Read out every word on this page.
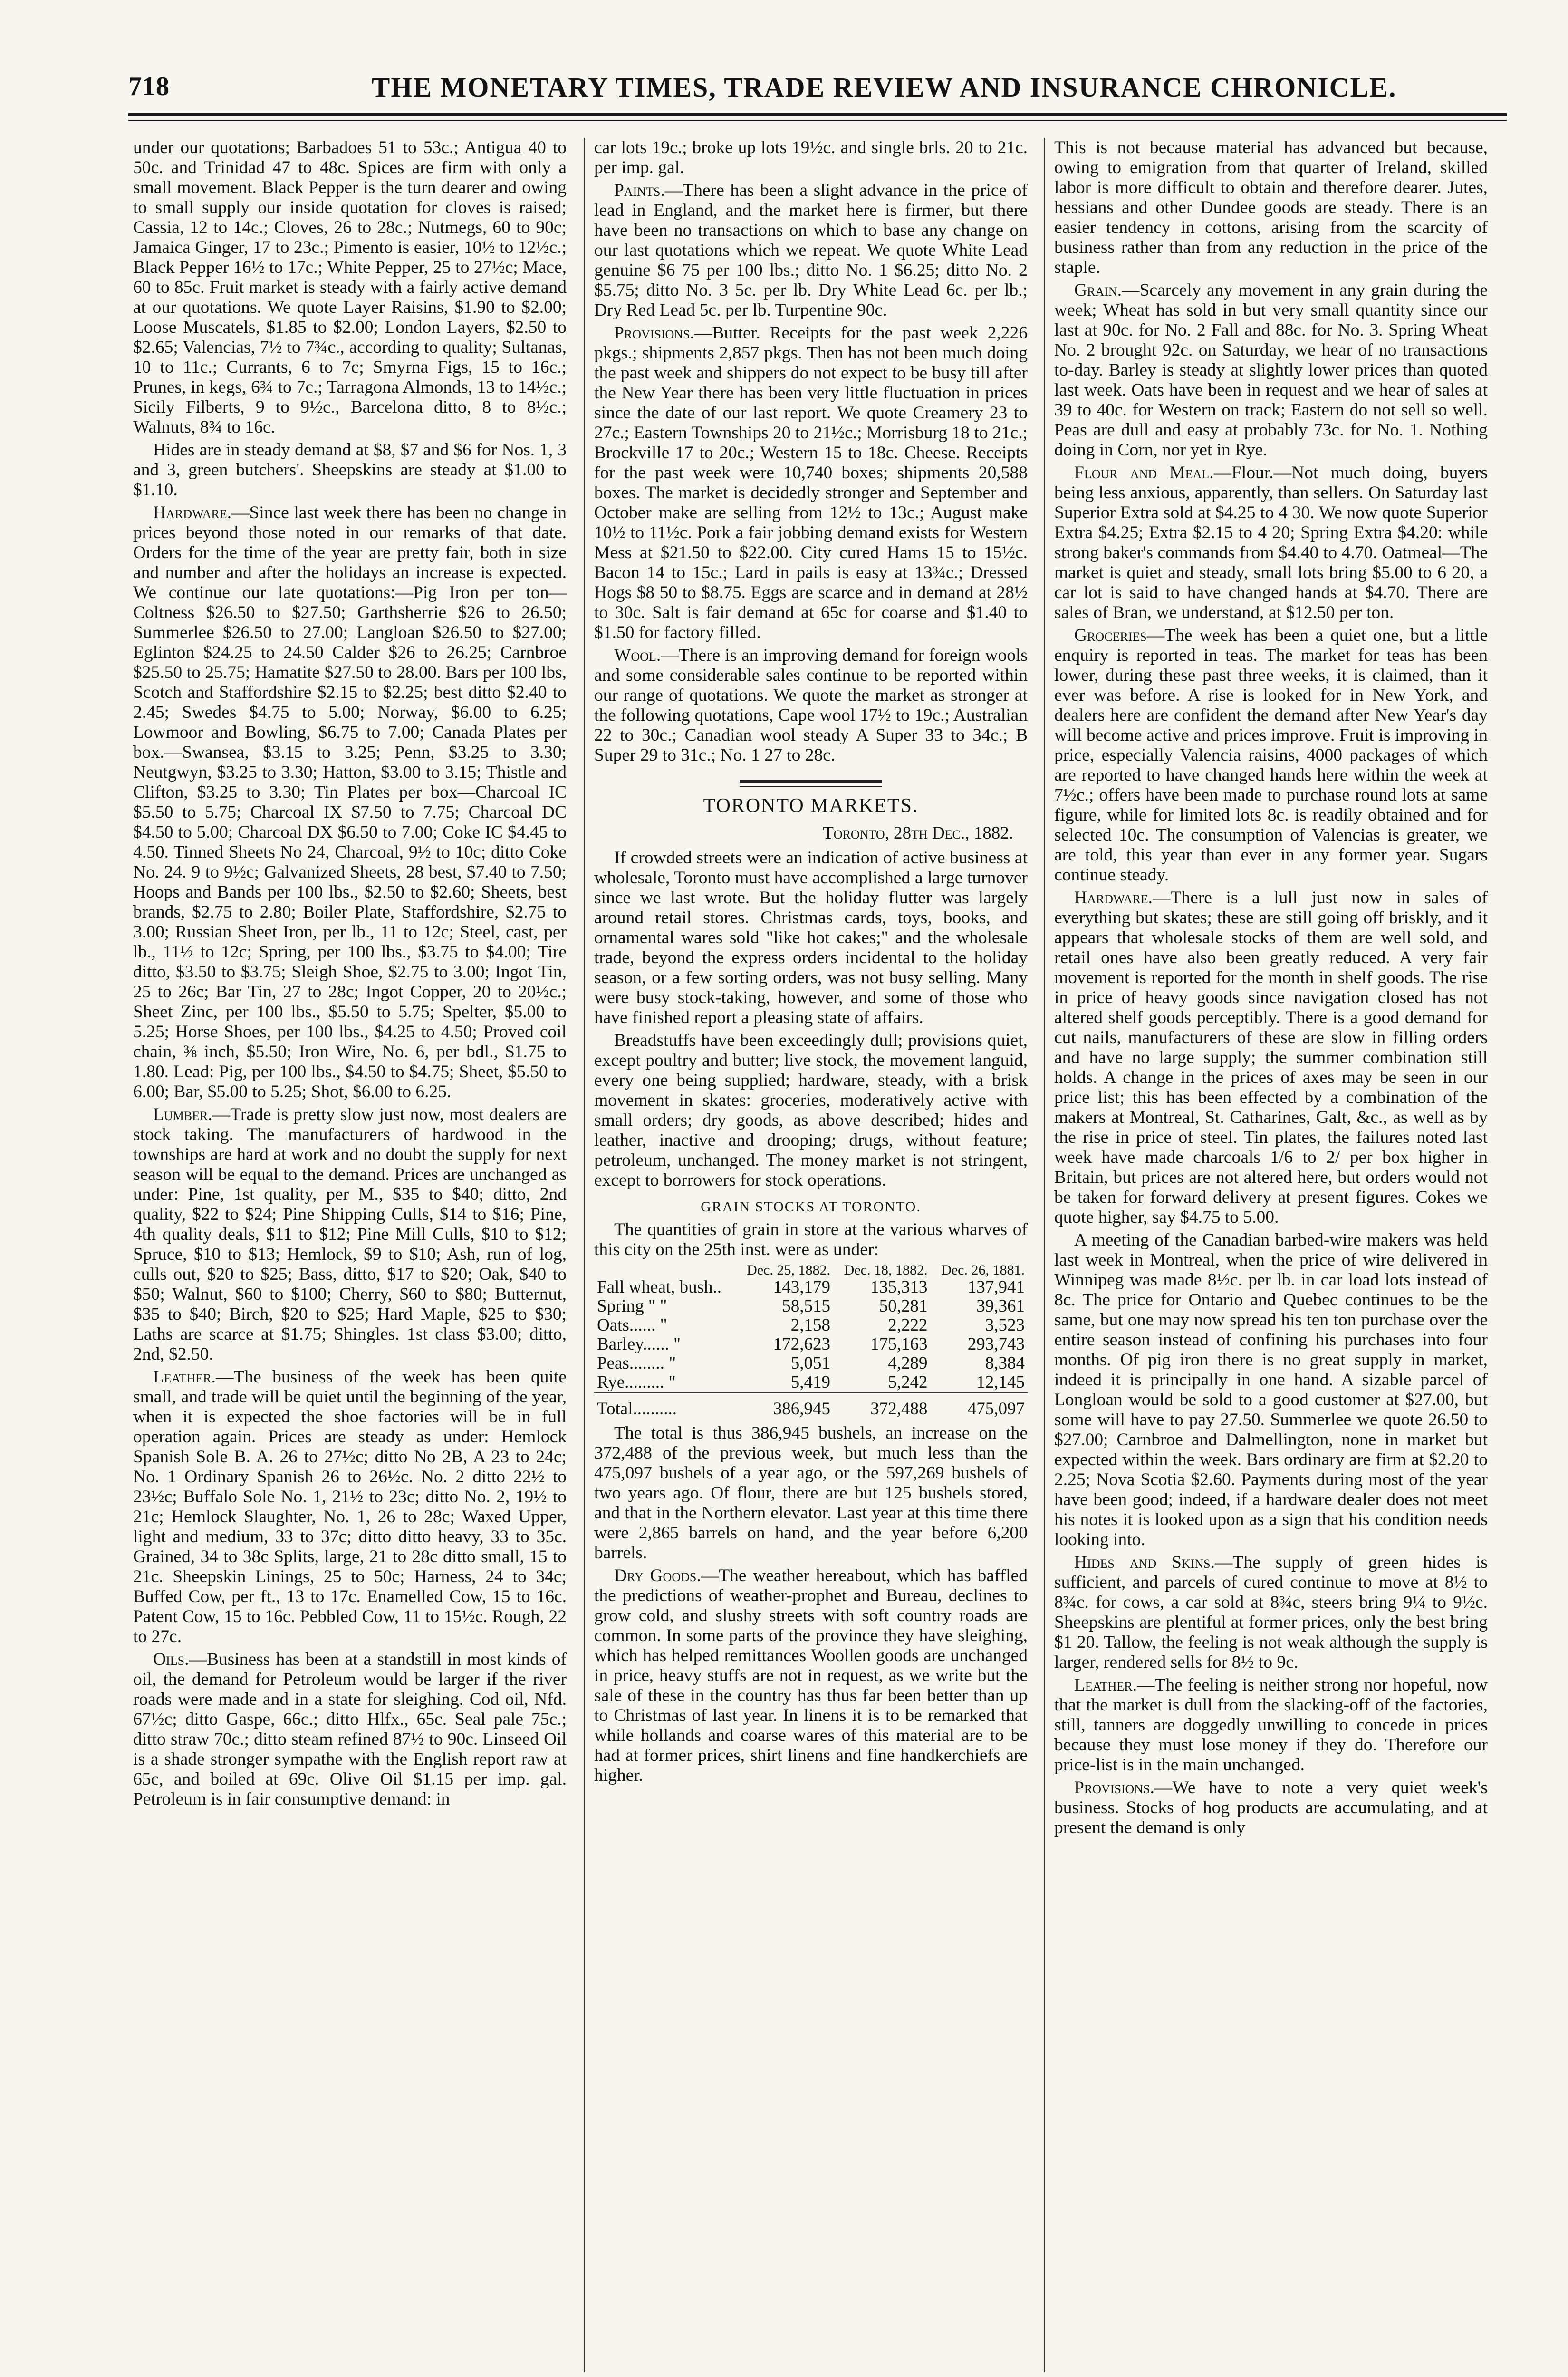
718	THE MONETARY TIMES, TRADE REVIEW AND INSURANCE CHRONICLE.

under our quotations; Barbadoes 51 to 53c.; Antigua 40 to 50c. and Trinidad 47 to 48c. Spices are firm with only a small movement. Black Pepper is the turn dearer and owing to small supply our inside quotation for cloves is raised; Cassia, 12 to 14c.; Cloves, 26 to 28c.; Nutmegs, 60 to 90c; Jamaica Ginger, 17 to 23c.; Pimento is easier, 10½ to 12½c.; Black Pepper 16½ to 17c.; White Pepper, 25 to 27½c; Mace, 60 to 85c. Fruit market is steady with a fairly active demand at our quotations. We quote Layer Raisins, $1.90 to $2.00; Loose Muscatels, $1.85 to $2.00; London Layers, $2.50 to $2.65; Valencias, 7½ to 7¾c., according to quality; Sultanas, 10 to 11c.; Currants, 6 to 7c; Smyrna Figs, 15 to 16c.; Prunes, in kegs, 6¾ to 7c.; Tarragona Almonds, 13 to 14½c.; Sicily Filberts, 9 to 9½c., Barcelona ditto, 8 to 8½c.; Walnuts, 8¾ to 16c.

Hides are in steady demand at $8, $7 and $6 for Nos. 1, 3 and 3, green butchers'. Sheepskins are steady at $1.00 to $1.10.

Hardware.—Since last week there has been no change in prices beyond those noted in our remarks of that date. Orders for the time of the year are pretty fair, both in size and number and after the holidays an increase is expected. We continue our late quotations:—Pig Iron per ton—Coltness $26.50 to $27.50; Garthsherrie $26 to 26.50; Summerlee $26.50 to 27.00; Langloan $26.50 to $27.00; Eglinton $24.25 to 24.50 Calder $26 to 26.25; Carnbroe $25.50 to 25.75; Hamatite $27.50 to 28.00. Bars per 100 lbs, Scotch and Staffordshire $2.15 to $2.25; best ditto $2.40 to 2.45; Swedes $4.75 to 5.00; Norway, $6.00 to 6.25; Lowmoor and Bowling, $6.75 to 7.00; Canada Plates per box.—Swansea, $3.15 to 3.25; Penn, $3.25 to 3.30; Neutgwyn, $3.25 to 3.30; Hatton, $3.00 to 3.15; Thistle and Clifton, $3.25 to 3.30; Tin Plates per box—Charcoal IC $5.50 to 5.75; Charcoal IX $7.50 to 7.75; Charcoal DC $4.50 to 5.00; Charcoal DX $6.50 to 7.00; Coke IC $4.45 to 4.50. Tinned Sheets No 24, Charcoal, 9½ to 10c; ditto Coke No. 24. 9 to 9½c; Galvanized Sheets, 28 best, $7.40 to 7.50; Hoops and Bands per 100 lbs., $2.50 to $2.60; Sheets, best brands, $2.75 to 2.80; Boiler Plate, Staffordshire, $2.75 to 3.00; Russian Sheet Iron, per lb., 11 to 12c; Steel, cast, per lb., 11½ to 12c; Spring, per 100 lbs., $3.75 to $4.00; Tire ditto, $3.50 to $3.75; Sleigh Shoe, $2.75 to 3.00; Ingot Tin, 25 to 26c; Bar Tin, 27 to 28c; Ingot Copper, 20 to 20½c.; Sheet Zinc, per 100 lbs., $5.50 to 5.75; Spelter, $5.00 to 5.25; Horse Shoes, per 100 lbs., $4.25 to 4.50; Proved coil chain, ⅜ inch, $5.50; Iron Wire, No. 6, per bdl., $1.75 to 1.80. Lead: Pig, per 100 lbs., $4.50 to $4.75; Sheet, $5.50 to 6.00; Bar, $5.00 to 5.25; Shot, $6.00 to 6.25.

Lumber.—Trade is pretty slow just now, most dealers are stock taking. The manufacturers of hardwood in the townships are hard at work and no doubt the supply for next season will be equal to the demand. Prices are unchanged as under: Pine, 1st quality, per M., $35 to $40; ditto, 2nd quality, $22 to $24; Pine Shipping Culls, $14 to $16; Pine, 4th quality deals, $11 to $12; Pine Mill Culls, $10 to $12; Spruce, $10 to $13; Hemlock, $9 to $10; Ash, run of log, culls out, $20 to $25; Bass, ditto, $17 to $20; Oak, $40 to $50; Walnut, $60 to $100; Cherry, $60 to $80; Butternut, $35 to $40; Birch, $20 to $25; Hard Maple, $25 to $30; Laths are scarce at $1.75; Shingles. 1st class $3.00; ditto, 2nd, $2.50.

Leather.—The business of the week has been quite small, and trade will be quiet until the beginning of the year, when it is expected the shoe factories will be in full operation again. Prices are steady as under: Hemlock Spanish Sole B. A. 26 to 27½c; ditto No 2B, A 23 to 24c; No. 1 Ordinary Spanish 26 to 26½c. No. 2 ditto 22½ to 23½c; Buffalo Sole No. 1, 21½ to 23c; ditto No. 2, 19½ to 21c; Hemlock Slaughter, No. 1, 26 to 28c; Waxed Upper, light and medium, 33 to 37c; ditto ditto heavy, 33 to 35c. Grained, 34 to 38c Splits, large, 21 to 28c ditto small, 15 to 21c. Sheepskin Linings, 25 to 50c; Harness, 24 to 34c; Buffed Cow, per ft., 13 to 17c. Enamelled Cow, 15 to 16c. Patent Cow, 15 to 16c. Pebbled Cow, 11 to 15½c. Rough, 22 to 27c.

Oils.—Business has been at a standstill in most kinds of oil, the demand for Petroleum would be larger if the river roads were made and in a state for sleighing. Cod oil, Nfd. 67½c; ditto Gaspe, 66c.; ditto Hlfx., 65c. Seal pale 75c.; ditto straw 70c.; ditto steam refined 87½ to 90c. Linseed Oil is a shade stronger sympathe with the English report raw at 65c, and boiled at 69c. Olive Oil $1.15 per imp. gal. Petroleum is in fair consumptive demand: in

car lots 19c.; broke up lots 19½c. and single brls. 20 to 21c. per imp. gal.

Paints.—There has been a slight advance in the price of lead in England, and the market here is firmer, but there have been no transactions on which to base any change on our last quotations which we repeat. We quote White Lead genuine $6 75 per 100 lbs.; ditto No. 1 $6.25; ditto No. 2 $5.75; ditto No. 3 5c. per lb. Dry White Lead 6c. per lb.; Dry Red Lead 5c. per lb. Turpentine 90c.

Provisions.—Butter. Receipts for the past week 2,226 pkgs.; shipments 2,857 pkgs. Then has not been much doing the past week and shippers do not expect to be busy till after the New Year there has been very little fluctuation in prices since the date of our last report. We quote Creamery 23 to 27c.; Eastern Townships 20 to 21½c.; Morrisburg 18 to 21c.; Brockville 17 to 20c.; Western 15 to 18c. Cheese. Receipts for the past week were 10,740 boxes; shipments 20,588 boxes. The market is decidedly stronger and September and October make are selling from 12½ to 13c.; August make 10½ to 11½c. Pork a fair jobbing demand exists for Western Mess at $21.50 to $22.00. City cured Hams 15 to 15½c. Bacon 14 to 15c.; Lard in pails is easy at 13¾c.; Dressed Hogs $8 50 to $8.75. Eggs are scarce and in demand at 28½ to 30c. Salt is fair demand at 65c for coarse and $1.40 to $1.50 for factory filled.

Wool.—There is an improving demand for foreign wools and some considerable sales continue to be reported within our range of quotations. We quote the market as stronger at the following quotations, Cape wool 17½ to 19c.; Australian 22 to 30c.; Canadian wool steady A Super 33 to 34c.; B Super 29 to 31c.; No. 1 27 to 28c.

TORONTO MARKETS.
Toronto, 28th Dec., 1882.

If crowded streets were an indication of active business at wholesale, Toronto must have accomplished a large turnover since we last wrote. But the holiday flutter was largely around retail stores. Christmas cards, toys, books, and ornamental wares sold "like hot cakes;" and the wholesale trade, beyond the express orders incidental to the holiday season, or a few sorting orders, was not busy selling. Many were busy stock-taking, however, and some of those who have finished report a pleasing state of affairs.

Breadstuffs have been exceedingly dull; provisions quiet, except poultry and butter; live stock, the movement languid, every one being supplied; hardware, steady, with a brisk movement in skates: groceries, moderatively active with small orders; dry goods, as above described; hides and leather, inactive and drooping; drugs, without feature; petroleum, unchanged. The money market is not stringent, except to borrowers for stock operations.

GRAIN STOCKS AT TORONTO.

The quantities of grain in store at the various wharves of this city on the 25th inst. were as under:

	Dec. 25, 1882.	Dec. 18, 1882.	Dec. 26, 1881.
Fall wheat, bush..	143,179	135,313	137,941
Spring " "	58,515	50,281	39,361
Oats...... "	2,158	2,222	3,523
Barley...... "	172,623	175,163	293,743
Peas........ "	5,051	4,289	8,384
Rye......... "	5,419	5,242	12,145
Total..........	386,945	372,488	475,097

The total is thus 386,945 bushels, an increase on the 372,488 of the previous week, but much less than the 475,097 bushels of a year ago, or the 597,269 bushels of two years ago. Of flour, there are but 125 bushels stored, and that in the Northern elevator. Last year at this time there were 2,865 barrels on hand, and the year before 6,200 barrels.

Dry Goods.—The weather hereabout, which has baffled the predictions of weather-prophet and Bureau, declines to grow cold, and slushy streets with soft country roads are common. In some parts of the province they have sleighing, which has helped remittances Woollen goods are unchanged in price, heavy stuffs are not in request, as we write but the sale of these in the country has thus far been better than up to Christmas of last year. In linens it is to be remarked that while hollands and coarse wares of this material are to be had at former prices, shirt linens and fine handkerchiefs are higher.

This is not because material has advanced but because, owing to emigration from that quarter of Ireland, skilled labor is more difficult to obtain and therefore dearer. Jutes, hessians and other Dundee goods are steady. There is an easier tendency in cottons, arising from the scarcity of business rather than from any reduction in the price of the staple.

Grain.—Scarcely any movement in any grain during the week; Wheat has sold in but very small quantity since our last at 90c. for No. 2 Fall and 88c. for No. 3. Spring Wheat No. 2 brought 92c. on Saturday, we hear of no transactions to-day. Barley is steady at slightly lower prices than quoted last week. Oats have been in request and we hear of sales at 39 to 40c. for Western on track; Eastern do not sell so well. Peas are dull and easy at probably 73c. for No. 1. Nothing doing in Corn, nor yet in Rye.

Flour and Meal.—Flour.—Not much doing, buyers being less anxious, apparently, than sellers. On Saturday last Superior Extra sold at $4.25 to 4 30. We now quote Superior Extra $4.25; Extra $2.15 to 4 20; Spring Extra $4.20: while strong baker's commands from $4.40 to 4.70. Oatmeal—The market is quiet and steady, small lots bring $5.00 to 6 20, a car lot is said to have changed hands at $4.70. There are sales of Bran, we understand, at $12.50 per ton.

Groceries—The week has been a quiet one, but a little enquiry is reported in teas. The market for teas has been lower, during these past three weeks, it is claimed, than it ever was before. A rise is looked for in New York, and dealers here are confident the demand after New Year's day will become active and prices improve. Fruit is improving in price, especially Valencia raisins, 4000 packages of which are reported to have changed hands here within the week at 7½c.; offers have been made to purchase round lots at same figure, while for limited lots 8c. is readily obtained and for selected 10c. The consumption of Valencias is greater, we are told, this year than ever in any former year. Sugars continue steady.

Hardware.—There is a lull just now in sales of everything but skates; these are still going off briskly, and it appears that wholesale stocks of them are well sold, and retail ones have also been greatly reduced. A very fair movement is reported for the month in shelf goods. The rise in price of heavy goods since navigation closed has not altered shelf goods perceptibly. There is a good demand for cut nails, manufacturers of these are slow in filling orders and have no large supply; the summer combination still holds. A change in the prices of axes may be seen in our price list; this has been effected by a combination of the makers at Montreal, St. Catharines, Galt, &c., as well as by the rise in price of steel. Tin plates, the failures noted last week have made charcoals 1/6 to 2/ per box higher in Britain, but prices are not altered here, but orders would not be taken for forward delivery at present figures. Cokes we quote higher, say $4.75 to 5.00.

A meeting of the Canadian barbed-wire makers was held last week in Montreal, when the price of wire delivered in Winnipeg was made 8½c. per lb. in car load lots instead of 8c. The price for Ontario and Quebec continues to be the same, but one may now spread his ten ton purchase over the entire season instead of confining his purchases into four months. Of pig iron there is no great supply in market, indeed it is principally in one hand. A sizable parcel of Longloan would be sold to a good customer at $27.00, but some will have to pay 27.50. Summerlee we quote 26.50 to $27.00; Carnbroe and Dalmellington, none in market but expected within the week. Bars ordinary are firm at $2.20 to 2.25; Nova Scotia $2.60. Payments during most of the year have been good; indeed, if a hardware dealer does not meet his notes it is looked upon as a sign that his condition needs looking into.

Hides and Skins.—The supply of green hides is sufficient, and parcels of cured continue to move at 8½ to 8¾c. for cows, a car sold at 8¾c, steers bring 9¼ to 9½c. Sheepskins are plentiful at former prices, only the best bring $1 20. Tallow, the feeling is not weak although the supply is larger, rendered sells for 8½ to 9c.

Leather.—The feeling is neither strong nor hopeful, now that the market is dull from the slacking-off of the factories, still, tanners are doggedly unwilling to concede in prices because they must lose money if they do. Therefore our price-list is in the main unchanged.

Provisions.—We have to note a very quiet week's business. Stocks of hog products are accumulating, and at present the demand is only
